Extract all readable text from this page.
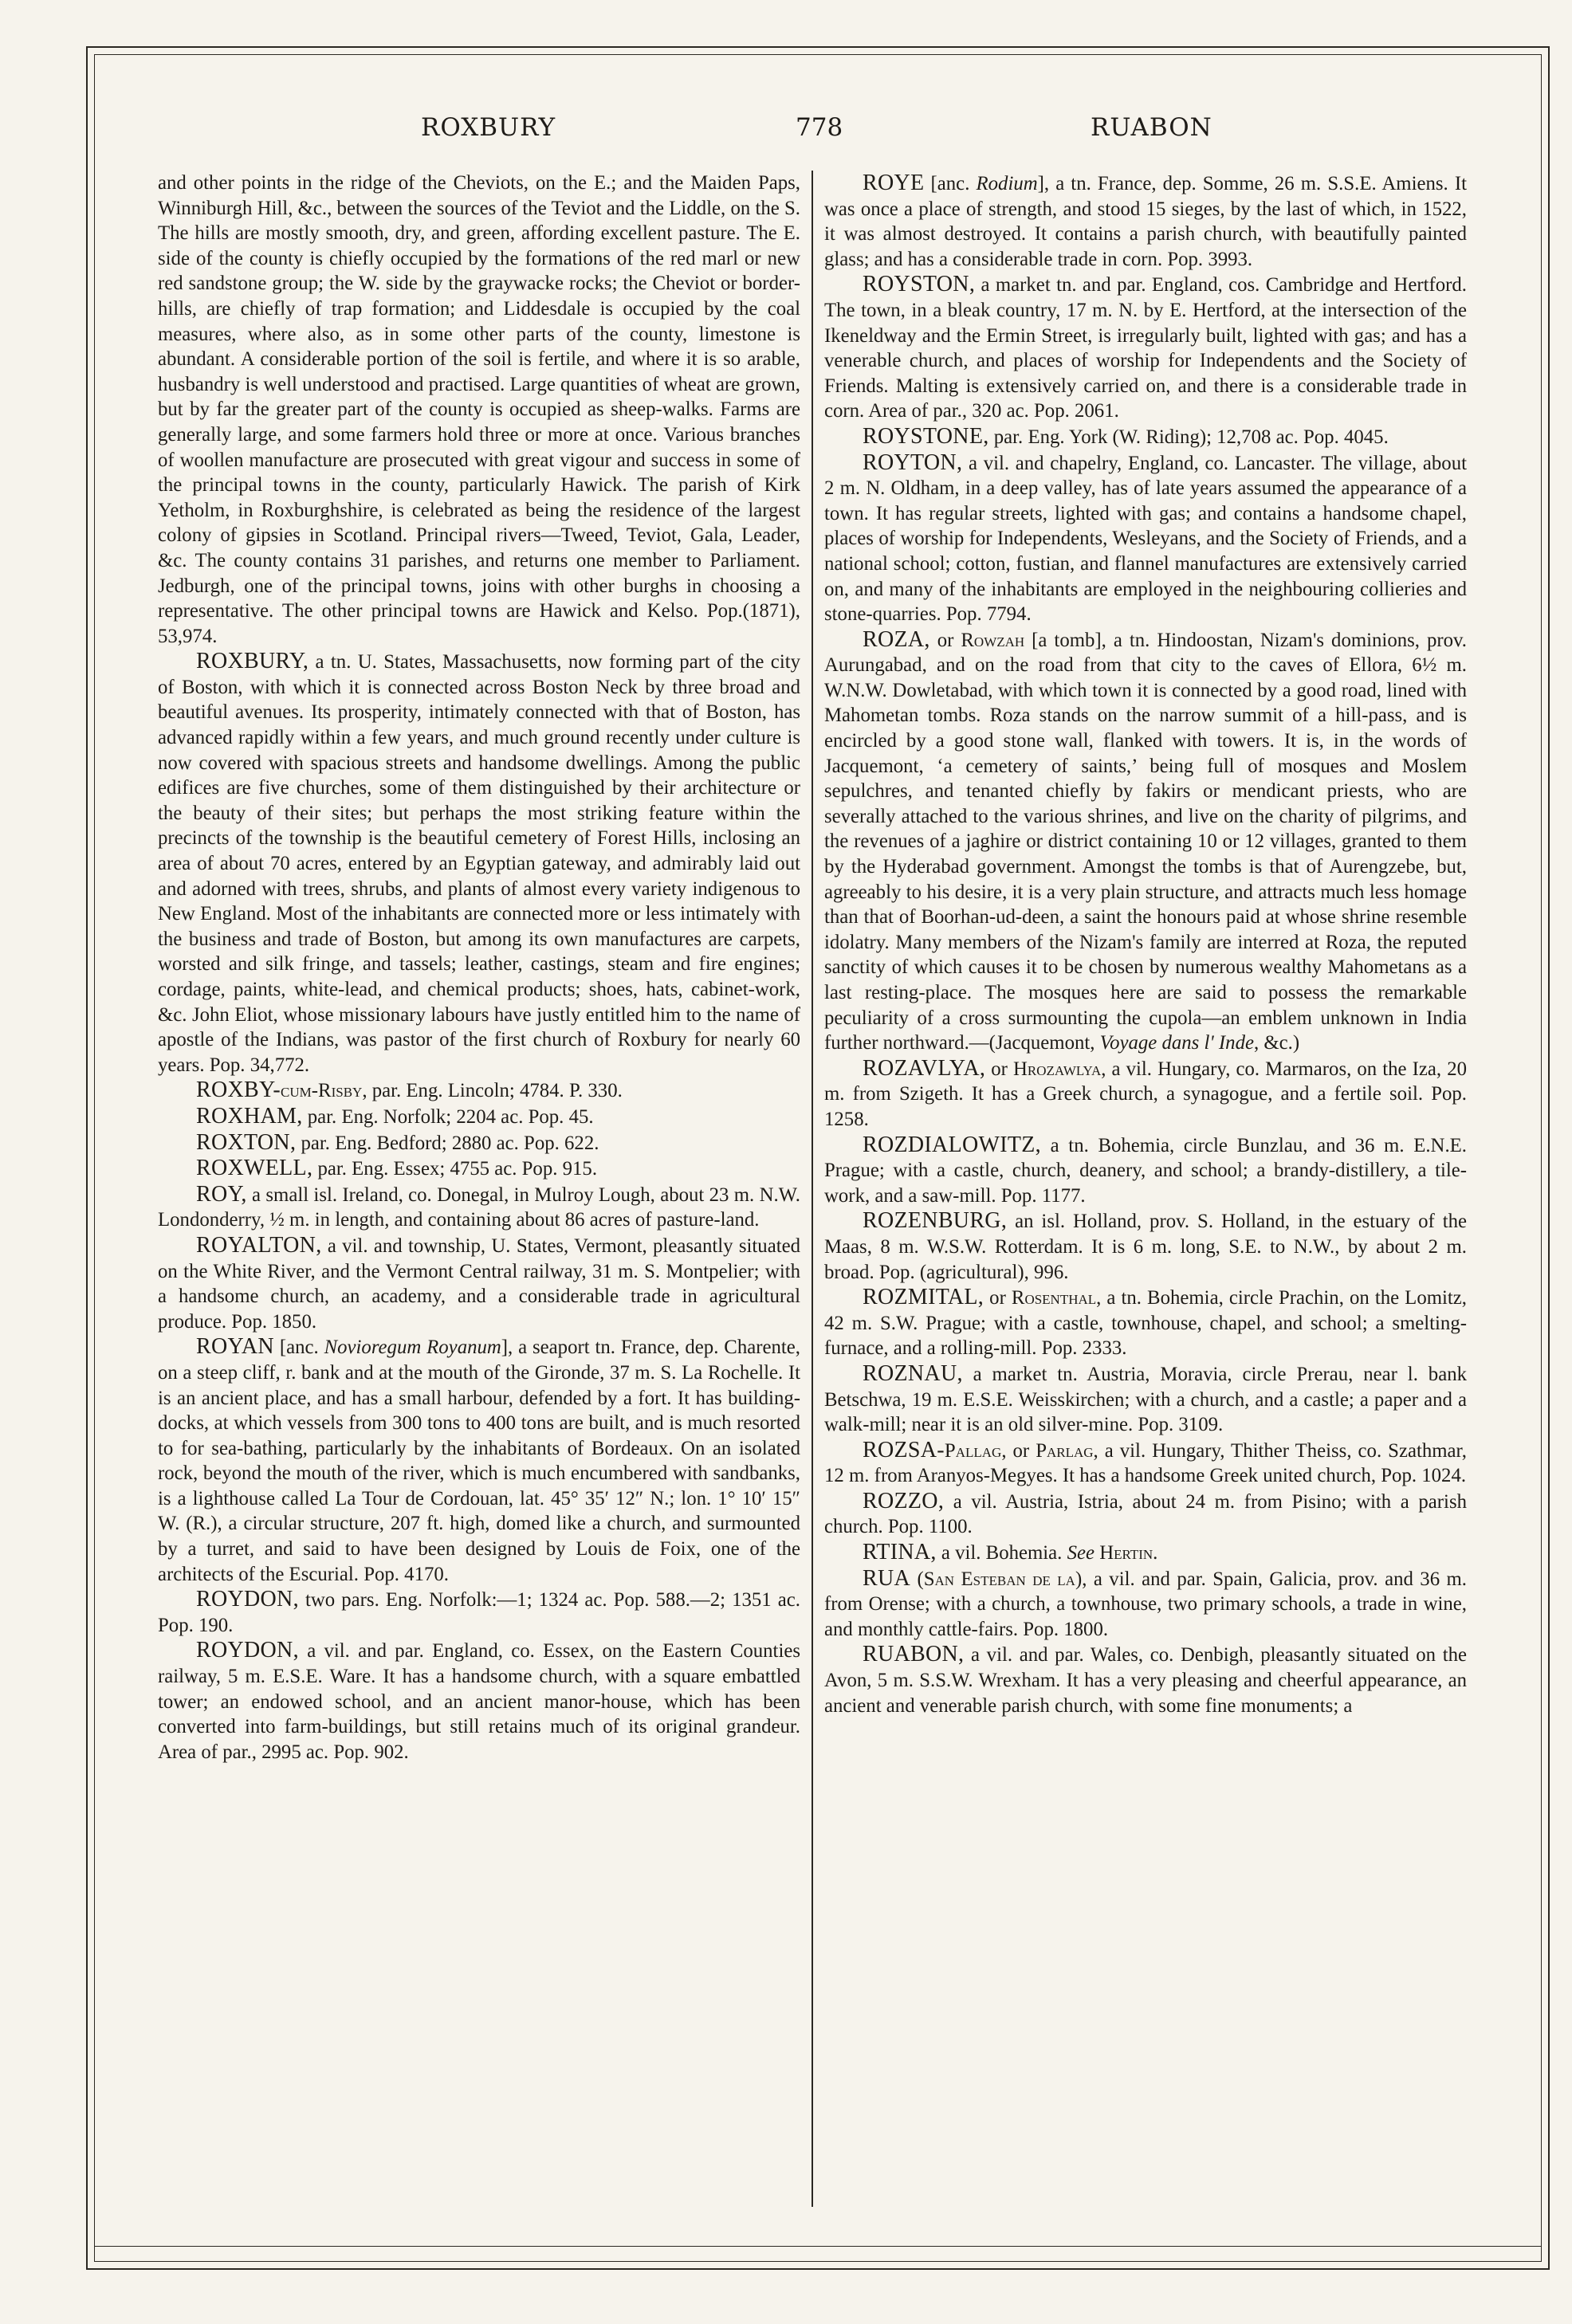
ROXBURY	778	RUABON

and other points in the ridge of the Cheviots, on the E.; and the Maiden Paps, Winniburgh Hill, &c., between the sources of the Teviot and the Liddle, on the S. The hills are mostly smooth, dry, and green, affording excellent pasture. The E. side of the county is chiefly occupied by the formations of the red marl or new red sandstone group; the W. side by the graywacke rocks; the Cheviot or border-hills, are chiefly of trap formation; and Liddesdale is occupied by the coal measures, where also, as in some other parts of the county, limestone is abundant. A considerable portion of the soil is fertile, and where it is so arable, husbandry is well understood and practised. Large quantities of wheat are grown, but by far the greater part of the county is occupied as sheep-walks. Farms are generally large, and some farmers hold three or more at once. Various branches of woollen manufacture are prosecuted with great vigour and success in some of the principal towns in the county, particularly Hawick. The parish of Kirk Yetholm, in Roxburghshire, is celebrated as being the residence of the largest colony of gipsies in Scotland. Principal rivers—Tweed, Teviot, Gala, Leader, &c. The county contains 31 parishes, and returns one member to Parliament. Jedburgh, one of the principal towns, joins with other burghs in choosing a representative. The other principal towns are Hawick and Kelso. Pop.(1871), 53,974.

ROXBURY, a tn. U. States, Massachusetts, now forming part of the city of Boston, with which it is connected across Boston Neck by three broad and beautiful avenues. Its prosperity, intimately connected with that of Boston, has advanced rapidly within a few years, and much ground recently under culture is now covered with spacious streets and handsome dwellings. Among the public edifices are five churches, some of them distinguished by their architecture or the beauty of their sites; but perhaps the most striking feature within the precincts of the township is the beautiful cemetery of Forest Hills, inclosing an area of about 70 acres, entered by an Egyptian gateway, and admirably laid out and adorned with trees, shrubs, and plants of almost every variety indigenous to New England. Most of the inhabitants are connected more or less intimately with the business and trade of Boston, but among its own manufactures are carpets, worsted and silk fringe, and tassels; leather, castings, steam and fire engines; cordage, paints, white-lead, and chemical products; shoes, hats, cabinet-work, &c. John Eliot, whose missionary labours have justly entitled him to the name of apostle of the Indians, was pastor of the first church of Roxbury for nearly 60 years. Pop. 34,772.

ROXBY-cum-Risby, par. Eng. Lincoln; 4784. P. 330.

ROXHAM, par. Eng. Norfolk; 2204 ac. Pop. 45.

ROXTON, par. Eng. Bedford; 2880 ac. Pop. 622.

ROXWELL, par. Eng. Essex; 4755 ac. Pop. 915.

ROY, a small isl. Ireland, co. Donegal, in Mulroy Lough, about 23 m. N.W. Londonderry, ½ m. in length, and containing about 86 acres of pasture-land.

ROYALTON, a vil. and township, U. States, Vermont, pleasantly situated on the White River, and the Vermont Central railway, 31 m. S. Montpelier; with a handsome church, an academy, and a considerable trade in agricultural produce. Pop. 1850.

ROYAN [anc. Novioregum Royanum], a seaport tn. France, dep. Charente, on a steep cliff, r. bank and at the mouth of the Gironde, 37 m. S. La Rochelle. It is an ancient place, and has a small harbour, defended by a fort. It has building-docks, at which vessels from 300 tons to 400 tons are built, and is much resorted to for sea-bathing, particularly by the inhabitants of Bordeaux. On an isolated rock, beyond the mouth of the river, which is much encumbered with sandbanks, is a lighthouse called La Tour de Cordouan, lat. 45° 35′ 12″ N.; lon. 1° 10′ 15″ W. (R.), a circular structure, 207 ft. high, domed like a church, and surmounted by a turret, and said to have been designed by Louis de Foix, one of the architects of the Escurial. Pop. 4170.

ROYDON, two pars. Eng. Norfolk:—1; 1324 ac. Pop. 588.—2; 1351 ac. Pop. 190.

ROYDON, a vil. and par. England, co. Essex, on the Eastern Counties railway, 5 m. E.S.E. Ware. It has a handsome church, with a square embattled tower; an endowed school, and an ancient manor-house, which has been converted into farm-buildings, but still retains much of its original grandeur. Area of par., 2995 ac. Pop. 902.

ROYE [anc. Rodium], a tn. France, dep. Somme, 26 m. S.S.E. Amiens. It was once a place of strength, and stood 15 sieges, by the last of which, in 1522, it was almost destroyed. It contains a parish church, with beautifully painted glass; and has a considerable trade in corn. Pop. 3993.

ROYSTON, a market tn. and par. England, cos. Cambridge and Hertford. The town, in a bleak country, 17 m. N. by E. Hertford, at the intersection of the Ikeneldway and the Ermin Street, is irregularly built, lighted with gas; and has a venerable church, and places of worship for Independents and the Society of Friends. Malting is extensively carried on, and there is a considerable trade in corn. Area of par., 320 ac. Pop. 2061.

ROYSTONE, par. Eng. York (W. Riding); 12,708 ac. Pop. 4045.

ROYTON, a vil. and chapelry, England, co. Lancaster. The village, about 2 m. N. Oldham, in a deep valley, has of late years assumed the appearance of a town. It has regular streets, lighted with gas; and contains a handsome chapel, places of worship for Independents, Wesleyans, and the Society of Friends, and a national school; cotton, fustian, and flannel manufactures are extensively carried on, and many of the inhabitants are employed in the neighbouring collieries and stone-quarries. Pop. 7794.

ROZA, or Rowzah [a tomb], a tn. Hindoostan, Nizam's dominions, prov. Aurungabad, and on the road from that city to the caves of Ellora, 6½ m. W.N.W. Dowletabad, with which town it is connected by a good road, lined with Mahometan tombs. Roza stands on the narrow summit of a hill-pass, and is encircled by a good stone wall, flanked with towers. It is, in the words of Jacquemont, ‘a cemetery of saints,’ being full of mosques and Moslem sepulchres, and tenanted chiefly by fakirs or mendicant priests, who are severally attached to the various shrines, and live on the charity of pilgrims, and the revenues of a jaghire or district containing 10 or 12 villages, granted to them by the Hyderabad government. Amongst the tombs is that of Aurengzebe, but, agreeably to his desire, it is a very plain structure, and attracts much less homage than that of Boorhan-ud-deen, a saint the honours paid at whose shrine resemble idolatry. Many members of the Nizam's family are interred at Roza, the reputed sanctity of which causes it to be chosen by numerous wealthy Mahometans as a last resting-place. The mosques here are said to possess the remarkable peculiarity of a cross surmounting the cupola—an emblem unknown in India further northward.—(Jacquemont, Voyage dans l' Inde, &c.)

ROZAVLYA, or Hrozawlya, a vil. Hungary, co. Marmaros, on the Iza, 20 m. from Szigeth. It has a Greek church, a synagogue, and a fertile soil. Pop. 1258.

ROZDIALOWITZ, a tn. Bohemia, circle Bunzlau, and 36 m. E.N.E. Prague; with a castle, church, deanery, and school; a brandy-distillery, a tile-work, and a saw-mill. Pop. 1177.

ROZENBURG, an isl. Holland, prov. S. Holland, in the estuary of the Maas, 8 m. W.S.W. Rotterdam. It is 6 m. long, S.E. to N.W., by about 2 m. broad. Pop. (agricultural), 996.

ROZMITAL, or Rosenthal, a tn. Bohemia, circle Prachin, on the Lomitz, 42 m. S.W. Prague; with a castle, townhouse, chapel, and school; a smelting-furnace, and a rolling-mill. Pop. 2333.

ROZNAU, a market tn. Austria, Moravia, circle Prerau, near l. bank Betschwa, 19 m. E.S.E. Weisskirchen; with a church, and a castle; a paper and a walk-mill; near it is an old silver-mine. Pop. 3109.

ROZSA-Pallag, or Parlag, a vil. Hungary, Thither Theiss, co. Szathmar, 12 m. from Aranyos-Megyes. It has a handsome Greek united church, Pop. 1024.

ROZZO, a vil. Austria, Istria, about 24 m. from Pisino; with a parish church. Pop. 1100.

RTINA, a vil. Bohemia. See Hertin.

RUA (San Esteban de la), a vil. and par. Spain, Galicia, prov. and 36 m. from Orense; with a church, a townhouse, two primary schools, a trade in wine, and monthly cattle-fairs. Pop. 1800.

RUABON, a vil. and par. Wales, co. Denbigh, pleasantly situated on the Avon, 5 m. S.S.W. Wrexham. It has a very pleasing and cheerful appearance, an ancient and venerable parish church, with some fine monuments; a
